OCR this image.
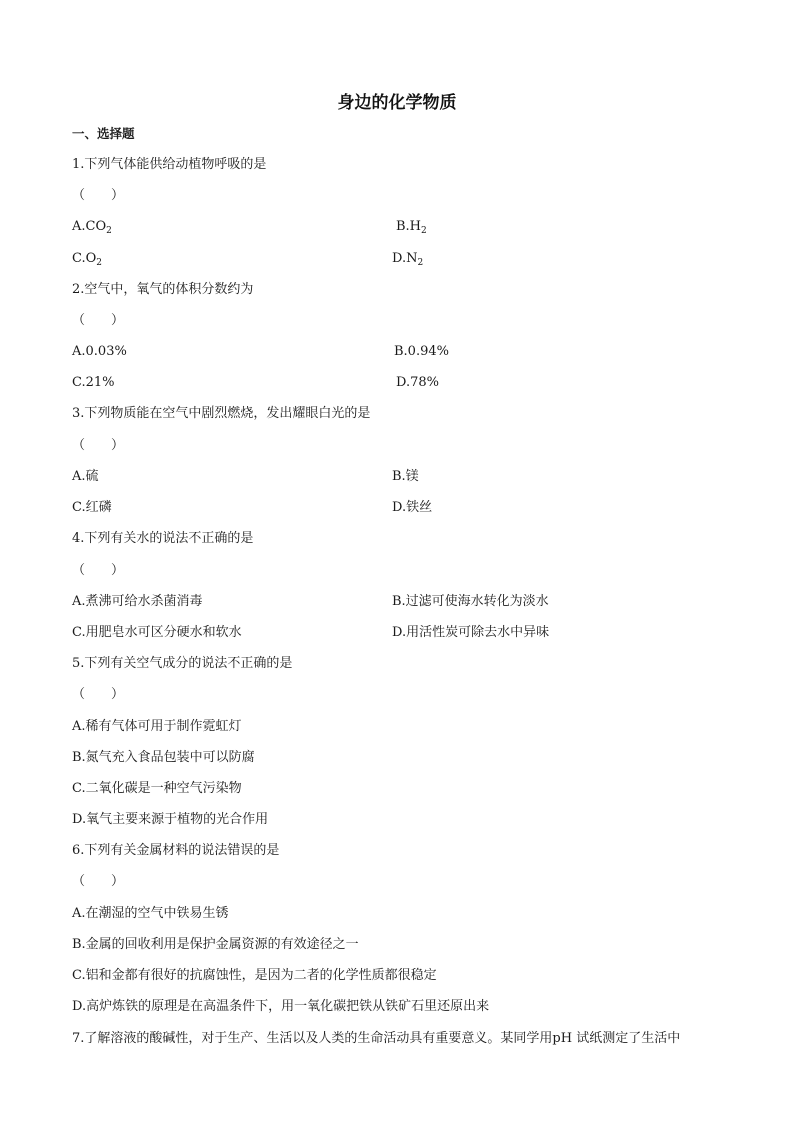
身边的化学物质
一、选择题
1.下列气体能供给动植物呼吸的是
（　　）
$A.CO_2$	$B.H_2$
$C.O_2$	$D.N_2$
2.空气中，氧气的体积分数约为
（　　）
A.0.03%	B.0.94%
C.21%	D.78%
3.下列物质能在空气中剧烈燃烧，发出耀眼白光的是
（　　）
A.硫	B.镁
C.红磷	D.铁丝
4.下列有关水的说法不正确的是
（　　）
A.煮沸可给水杀菌消毒	B.过滤可使海水转化为淡水
C.用肥皂水可区分硬水和软水	D.用活性炭可除去水中异味
5.下列有关空气成分的说法不正确的是
（　　）
A.稀有气体可用于制作霓虹灯
B.氮气充入食品包装中可以防腐
C.二氧化碳是一种空气污染物
D.氧气主要来源于植物的光合作用
6.下列有关金属材料的说法错误的是
（　　）
A.在潮湿的空气中铁易生锈
B.金属的回收利用是保护金属资源的有效途径之一
C.铝和金都有很好的抗腐蚀性，是因为二者的化学性质都很稳定
D.高炉炼铁的原理是在高温条件下，用一氧化碳把铁从铁矿石里还原出来
7.了解溶液的酸碱性，对于生产、生活以及人类的生命活动具有重要意义。某同学用pH 试纸测定了生活中
